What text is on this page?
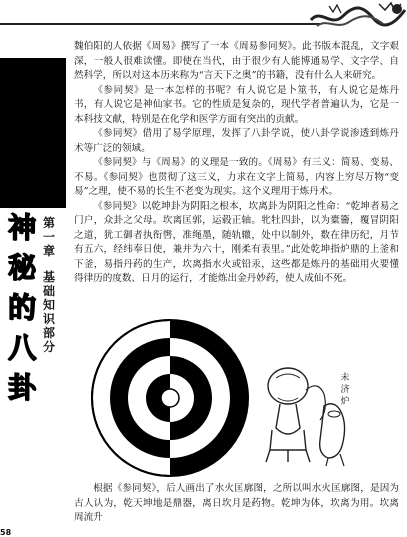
神
秘
的
八
卦
第
一
章
基
础
知
识
部
分

魏伯阳的人依据《周易》撰写了一本《周易参同契》。此书版本混乱，文字艰深，一般人很难读懂。即使在当代，由于很少有人能博通易学、文字学、自然科学，所以对这本历来称为“言天下之奥”的书籍，没有什么人来研究。

《参同契》是一本怎样的书呢？有人说它是卜筮书，有人说它是炼丹书，有人说它是神仙家书。它的性质是复杂的，现代学者普遍认为，它是一本科技文献，特别是在化学和医学方面有突出的贡献。

《参同契》借用了易学原理，发挥了八卦学说，使八卦学说渗透到炼丹术等广泛的领域。

《参同契》与《周易》的义理是一致的。《周易》有三义：简易、变易、不易。《参同契》也贯彻了这三义，力求在文字上简易，内容上穷尽万物“变易”之理，使不易的长生不老变为现实。这个义理用于炼丹术。

《参同契》以乾坤卦为阴阳之根本，坎离卦为阴阳之性命：“乾坤者易之门户，众卦之父母。坎离匡郭，运毂正轴。牝牡四卦，以为橐籥，覆冒阴阳之道，犹工御者执衔辔，准绳墨，随轨辙，处中以制外，数在律历纪，月节有五六，经纬奉日使，兼并为六十，刚柔有表里。”此处乾坤指炉鼎的上釜和下釜，易指丹药的生产，坎离指水火或铅汞，这些都是炼丹的基础用火要懂得律历的度数、日月的运行，才能炼出金丹妙药，使人成仙不死。

未
济
炉

根据《参同契》，后人画出了水火匡廓图，之所以叫水火匡廓图，是因为古人认为，乾天坤地是鼎器，离日坎月是药物。乾坤为体，坎离为用。坎离周流升

58
